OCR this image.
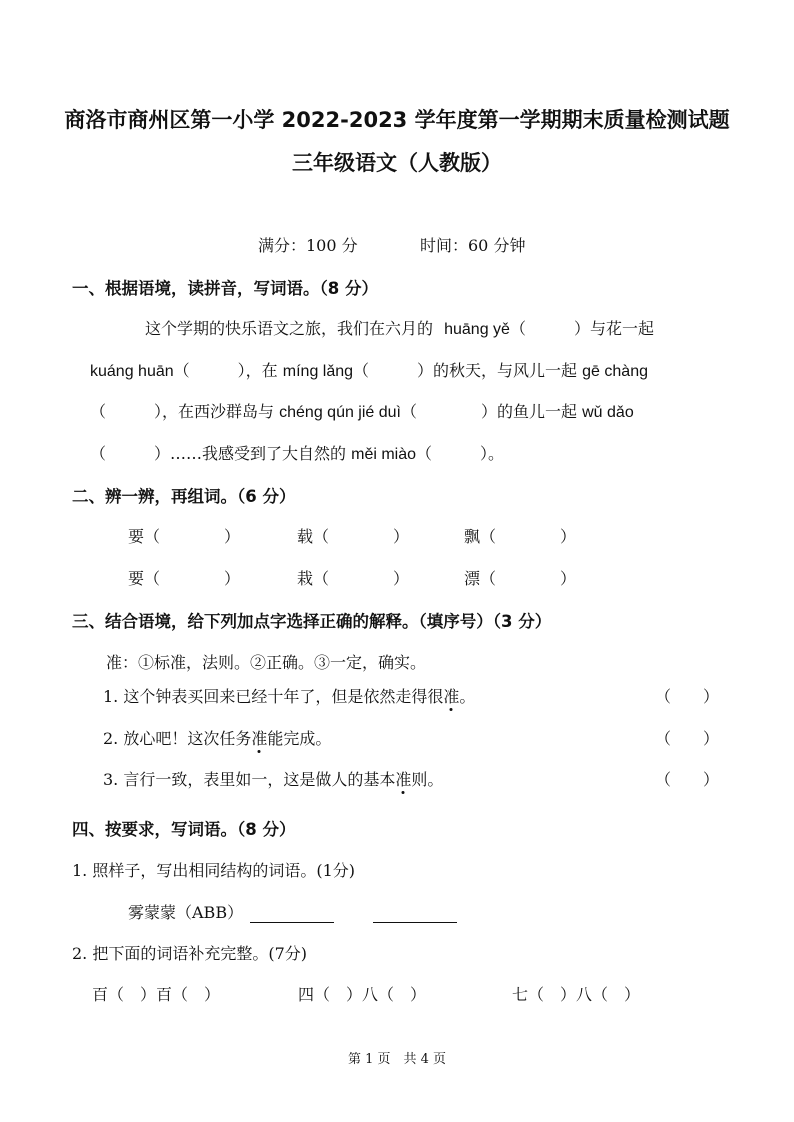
商洛市商州区第一小学 2022-2023 学年度第一学期期末质量检测试题
三年级语文（人教版）
满分：100 分	时间：60 分钟
一、根据语境，读拼音，写词语。（8 分）
这个学期的快乐语文之旅，我们在六月的 huāng yě（　　　）与花一起
kuáng huān（　　　），在 míng lǎng（　　　）的秋天，与风儿一起 gē chàng
（　　　），在西沙群岛与 chéng qún jié duì（　　　　）的鱼儿一起 wǔ dǎo
（　　　）……我感受到了大自然的 měi miào（　　　）。
二、辨一辨，再组词。（6 分）
要（　　　　）	载（　　　　）	飘（　　　　）
要（　　　　）	栽（　　　　）	漂（　　　　）
三、结合语境，给下列加点字选择正确的解释。（填序号）（3 分）
准：①标准，法则。②正确。③一定，确实。
1. 这个钟表买回来已经十年了，但是依然走得很准。	（　　）
2. 放心吧！这次任务准能完成。	（　　）
3. 言行一致，表里如一，这是做人的基本准则。	（　　）
四、按要求，写词语。（8 分）
1. 照样子，写出相同结构的词语。(1分)
雾蒙蒙（ABB）
2. 把下面的词语补充完整。(7分)
百（　）百（　）	四（　）八（　）	七（　）八（　）
第 1 页　共 4 页
